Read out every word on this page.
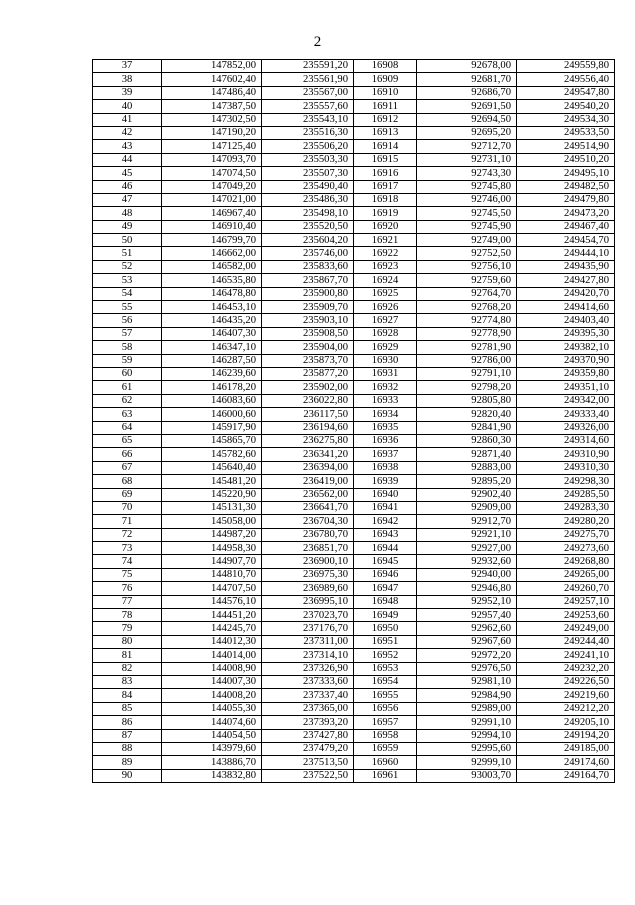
2
37	147852,00	235591,20	16908	92678,00	249559,80
38	147602,40	235561,90	16909	92681,70	249556,40
39	147486,40	235567,00	16910	92686,70	249547,80
40	147387,50	235557,60	16911	92691,50	249540,20
41	147302,50	235543,10	16912	92694,50	249534,30
42	147190,20	235516,30	16913	92695,20	249533,50
43	147125,40	235506,20	16914	92712,70	249514,90
44	147093,70	235503,30	16915	92731,10	249510,20
45	147074,50	235507,30	16916	92743,30	249495,10
46	147049,20	235490,40	16917	92745,80	249482,50
47	147021,00	235486,30	16918	92746,00	249479,80
48	146967,40	235498,10	16919	92745,50	249473,20
49	146910,40	235520,50	16920	92745,90	249467,40
50	146799,70	235604,20	16921	92749,00	249454,70
51	146662,00	235746,00	16922	92752,50	249444,10
52	146582,00	235833,60	16923	92756,10	249435,90
53	146535,80	235867,70	16924	92759,60	249427,80
54	146478,80	235900,80	16925	92764,70	249420,70
55	146453,10	235909,70	16926	92768,20	249414,60
56	146435,20	235903,10	16927	92774,80	249403,40
57	146407,30	235908,50	16928	92778,90	249395,30
58	146347,10	235904,00	16929	92781,90	249382,10
59	146287,50	235873,70	16930	92786,00	249370,90
60	146239,60	235877,20	16931	92791,10	249359,80
61	146178,20	235902,00	16932	92798,20	249351,10
62	146083,60	236022,80	16933	92805,80	249342,00
63	146000,60	236117,50	16934	92820,40	249333,40
64	145917,90	236194,60	16935	92841,90	249326,00
65	145865,70	236275,80	16936	92860,30	249314,60
66	145782,60	236341,20	16937	92871,40	249310,90
67	145640,40	236394,00	16938	92883,00	249310,30
68	145481,20	236419,00	16939	92895,20	249298,30
69	145220,90	236562,00	16940	92902,40	249285,50
70	145131,30	236641,70	16941	92909,00	249283,30
71	145058,00	236704,30	16942	92912,70	249280,20
72	144987,20	236780,70	16943	92921,10	249275,70
73	144958,30	236851,70	16944	92927,00	249273,60
74	144907,70	236900,10	16945	92932,60	249268,80
75	144810,70	236975,30	16946	92940,00	249265,00
76	144707,50	236989,60	16947	92946,80	249260,70
77	144576,10	236995,10	16948	92952,10	249257,10
78	144451,20	237023,70	16949	92957,40	249253,60
79	144245,70	237176,70	16950	92962,60	249249,00
80	144012,30	237311,00	16951	92967,60	249244,40
81	144014,00	237314,10	16952	92972,20	249241,10
82	144008,90	237326,90	16953	92976,50	249232,20
83	144007,30	237333,60	16954	92981,10	249226,50
84	144008,20	237337,40	16955	92984,90	249219,60
85	144055,30	237365,00	16956	92989,00	249212,20
86	144074,60	237393,20	16957	92991,10	249205,10
87	144054,50	237427,80	16958	92994,10	249194,20
88	143979,60	237479,20	16959	92995,60	249185,00
89	143886,70	237513,50	16960	92999,10	249174,60
90	143832,80	237522,50	16961	93003,70	249164,70
